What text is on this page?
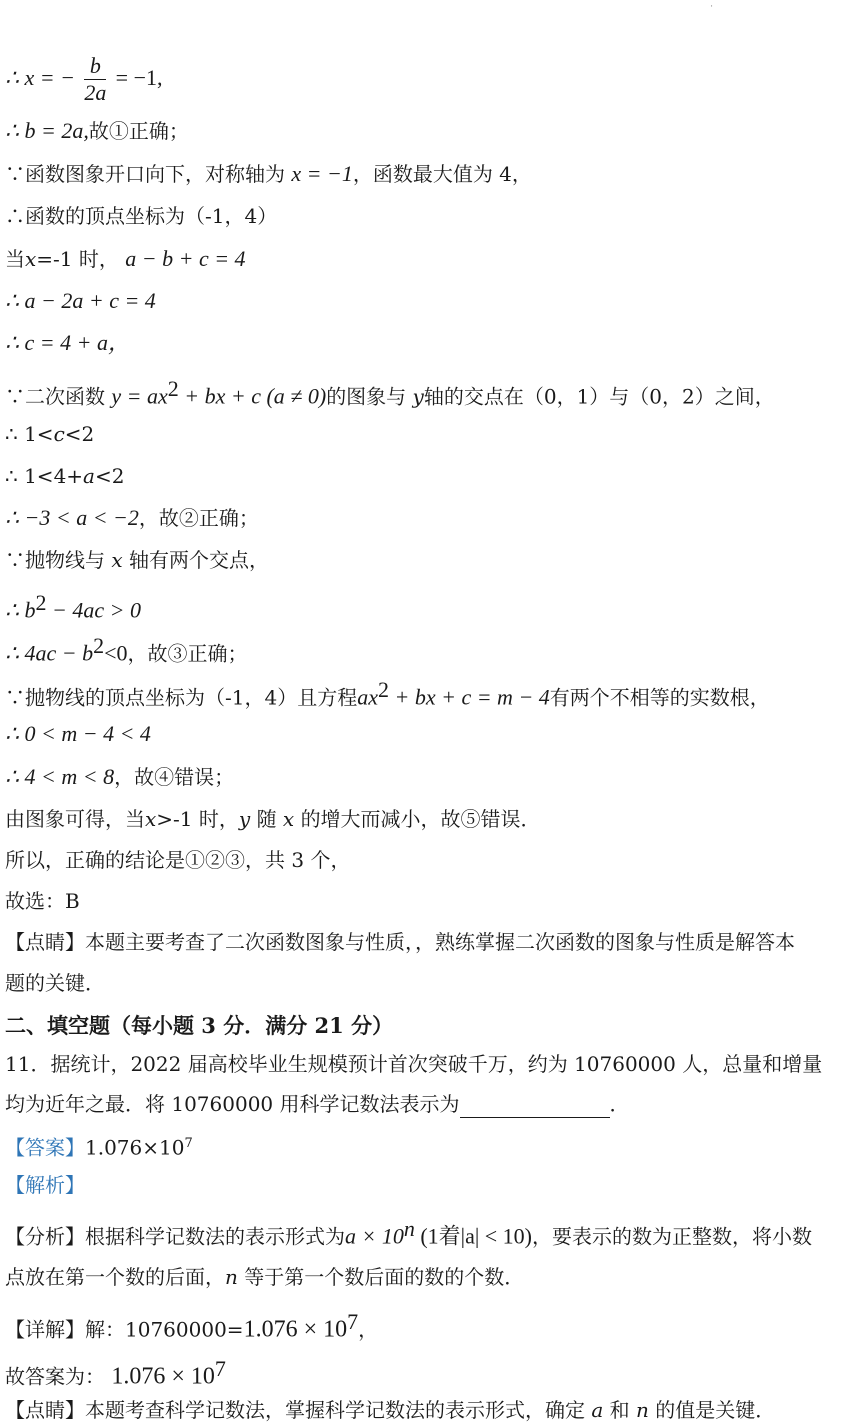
·
∴ x = − $\frac{b}{2a} = -1$,
∴ b = 2a,故①正确；
∵函数图象开口向下，对称轴为 x = −1，函数最大值为 4，
∴函数的顶点坐标为（-1，4）
当x=-1 时， a − b + c = 4
∴ a − 2a + c = 4
∴ c = 4 + a，
∵二次函数 $y = ax^2$ + bx + c (a ≠ 0)的图象与 y轴的交点在（0，1）与（0，2）之间，
∴ 1<c<2
∴ 1<4+a<2
∴ −3 < a < −2，故②正确；
∵抛物线与 x 轴有两个交点，
∴ $b^2 - 4ac > 0$
∴ $4ac - b^2<0$，故③正确；
∵抛物线的顶点坐标为（-1，4）且方程$ax^2$ + bx + c = m − 4有两个不相等的实数根，
∴ 0 < m − 4 < 4
∴ 4 < m < 8，故④错误；
由图象可得，当x>-1 时，y 随 x 的增大而减小，故⑤错误．
所以，正确的结论是①②③，共 3 个，
故选：B
【点睛】本题主要考查了二次函数图象与性质，，熟练掌握二次函数的图象与性质是解答本
题的关键．
二、填空题（每小题 3 分．满分 21 分）
11．据统计，2022 届高校毕业生规模预计首次突破千万，约为 10760000 人，总量和增量
均为近年之最．将 10760000 用科学记数法表示为	．
【答案】$1.076\times 10^7$
【解析】
【分析】根据科学记数法的表示形式为$a \times 10^n$ (1着|a| < 10)，要表示的数为正整数，将小数
点放在第一个数的后面，n 等于第一个数后面的数的个数．
【详解】解：$10760000=1.076 \times 10^7$，
故答案为： $1.076 \times 10^7$
【点睛】本题考查科学记数法，掌握科学记数法的表示形式，确定 a 和 n 的值是关键．
